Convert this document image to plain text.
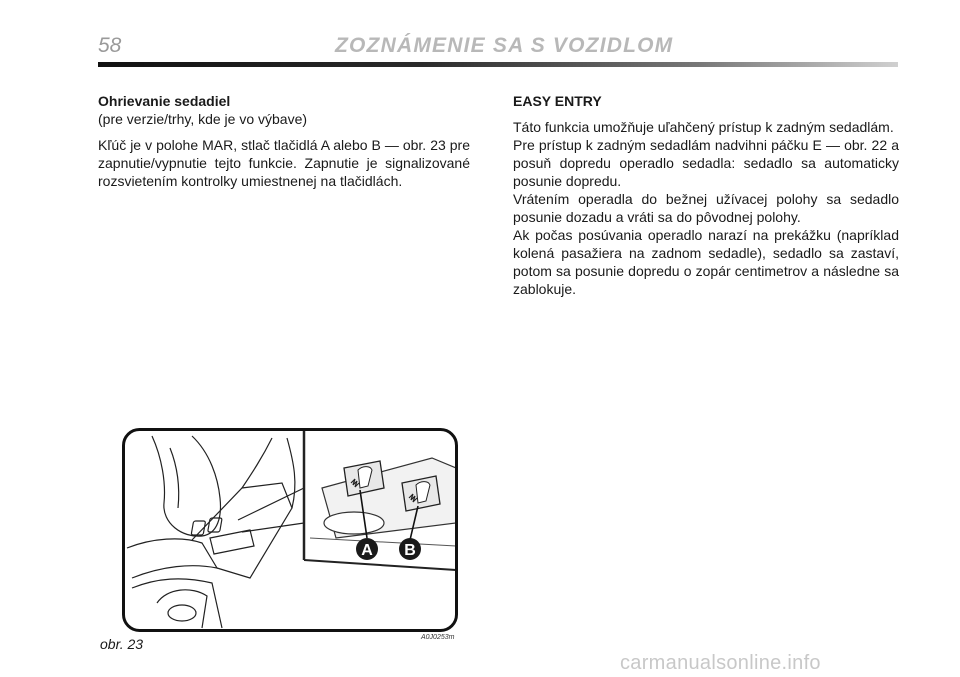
58	ZOZNÁMENIE SA S VOZIDLOM

Ohrievanie sedadiel

(pre verzie/trhy, kde je vo výbave)

Kľúč je v polohe MAR, stlač tlačidlá A alebo B — obr. 23 pre zapnutie/vypnutie tejto funkcie. Zapnutie je signalizované rozsvietením kontrolky umiestnenej na tlačidlách.

EASY ENTRY

Táto funkcia umožňuje uľahčený prístup k zadným sedadlám.

Pre prístup k zadným sedadlám nadvihni páčku E — obr. 22 a posuň dopredu operadlo sedadla: sedadlo sa automaticky posunie dopredu.

Vrátením operadla do bežnej užívacej polohy sa sedadlo posunie dozadu a vráti sa do pôvodnej polohy.

Ak počas posúvania operadlo narazí na prekážku (napríklad kolená pasažiera na zadnom sedadle), sedadlo sa zastaví, potom sa posunie dopredu o zopár centimetrov a následne sa zablokuje.

A B
obr. 23	A0J0253m
carmanualsonline.info
